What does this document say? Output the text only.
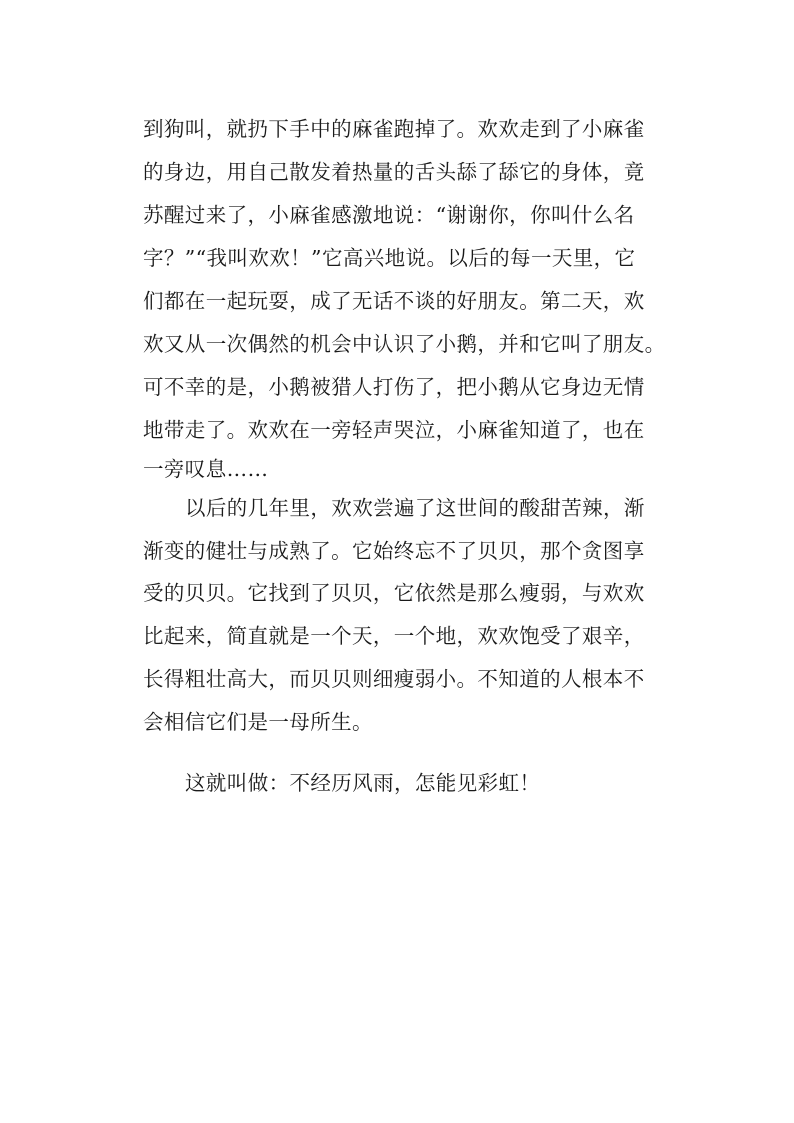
到狗叫，就扔下手中的麻雀跑掉了。欢欢走到了小麻雀
的身边，用自己散发着热量的舌头舔了舔它的身体，竟
苏醒过来了，小麻雀感激地说：“谢谢你，你叫什么名
字？”“我叫欢欢！”它高兴地说。以后的每一天里，它
们都在一起玩耍，成了无话不谈的好朋友。第二天，欢
欢又从一次偶然的机会中认识了小鹅，并和它叫了朋友。
可不幸的是，小鹅被猎人打伤了，把小鹅从它身边无情
地带走了。欢欢在一旁轻声哭泣，小麻雀知道了，也在
一旁叹息……
以后的几年里，欢欢尝遍了这世间的酸甜苦辣，渐
渐变的健壮与成熟了。它始终忘不了贝贝，那个贪图享
受的贝贝。它找到了贝贝，它依然是那么瘦弱，与欢欢
比起来，简直就是一个天，一个地，欢欢饱受了艰辛，
长得粗壮高大，而贝贝则细瘦弱小。不知道的人根本不
会相信它们是一母所生。
这就叫做：不经历风雨，怎能见彩虹！
